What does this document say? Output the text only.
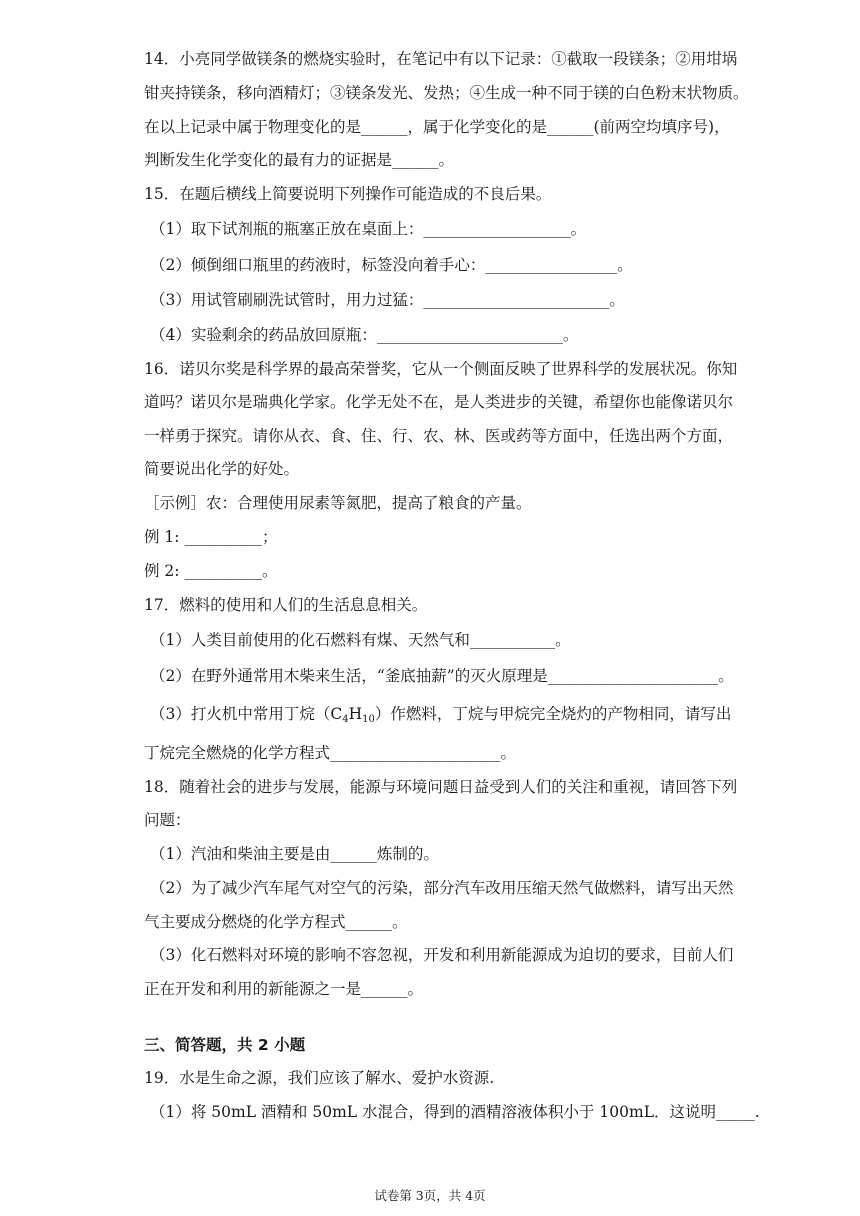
14．小亮同学做镁条的燃烧实验时，在笔记中有以下记录：①截取一段镁条；②用坩埚
钳夹持镁条，移向酒精灯；③镁条发光、发热；④生成一种不同于镁的白色粉末状物质。
在以上记录中属于物理变化的是______，属于化学变化的是______(前两空均填序号)，
判断发生化学变化的最有力的证据是______。
15．在题后横线上简要说明下列操作可能造成的不良后果。
（1）取下试剂瓶的瓶塞正放在桌面上：___________________。
（2）倾倒细口瓶里的药液时，标签没向着手心：_________________。
（3）用试管刷刷洗试管时，用力过猛：________________________。
（4）实验剩余的药品放回原瓶：________________________。
16．诺贝尔奖是科学界的最高荣誉奖，它从一个侧面反映了世界科学的发展状况。你知
道吗？诺贝尔是瑞典化学家。化学无处不在，是人类进步的关键，希望你也能像诺贝尔
一样勇于探究。请你从衣、食、住、行、农、林、医或药等方面中，任选出两个方面，
简要说出化学的好处。
［示例］农：合理使用尿素等氮肥，提高了粮食的产量。
例 1: __________；
例 2: __________。
17．燃料的使用和人们的生活息息相关。
（1）人类目前使用的化石燃料有煤、天然气和___________。
（2）在野外通常用木柴来生活，“釜底抽薪”的灭火原理是______________________。
（3）打火机中常用丁烷$(C_4H_{10})$作燃料，丁烷与甲烷完全烧灼的产物相同，请写出
丁烷完全燃烧的化学方程式______________________。
18．随着社会的进步与发展，能源与环境问题日益受到人们的关注和重视，请回答下列
问题：
（1）汽油和柴油主要是由______炼制的。
（2）为了减少汽车尾气对空气的污染，部分汽车改用压缩天然气做燃料，请写出天然
气主要成分燃烧的化学方程式______。
（3）化石燃料对环境的影响不容忽视，开发和利用新能源成为迫切的要求，目前人们
正在开发和利用的新能源之一是______。
三、简答题，共 2 小题
19．水是生命之源，我们应该了解水、爱护水资源.
（1）将 50mL 酒精和 50mL 水混合，得到的酒精溶液体积小于 100mL．这说明_____.
试卷第 3页，共 4页
